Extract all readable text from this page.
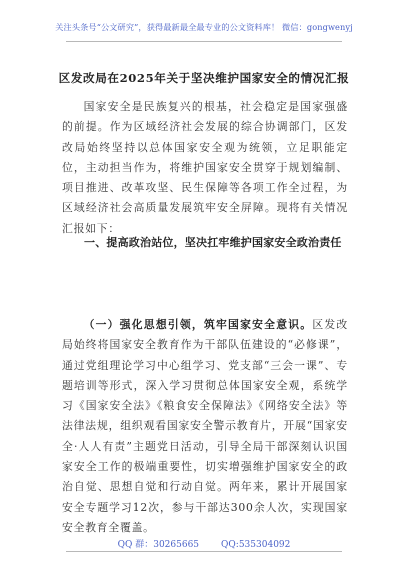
关注头条号“公文研究”，获得最新最全最专业的公文资料库！ 微信：gongwenyj
区发改局在2025年关于坚决维护国家安全的情况汇报

国家安全是民族复兴的根基，社会稳定是国家强盛的前提。作为区域经济社会发展的综合协调部门，区发改局始终坚持以总体国家安全观为统领，立足职能定位，主动担当作为，将维护国家安全贯穿于规划编制、项目推进、改革攻坚、民生保障等各项工作全过程，为区域经济社会高质量发展筑牢安全屏障。现将有关情况汇报如下：

一、提高政治站位，坚决扛牢维护国家安全政治责任

（一）强化思想引领，筑牢国家安全意识。区发改局始终将国家安全教育作为干部队伍建设的“必修课”，通过党组理论学习中心组学习、党支部“三会一课”、专题培训等形式，深入学习贯彻总体国家安全观，系统学习《国家安全法》《粮食安全保障法》《网络安全法》等法律法规，组织观看国家安全警示教育片，开展“国家安全·人人有责”主题党日活动，引导全局干部深刻认识国家安全工作的极端重要性，切实增强维护国家安全的政治自觉、思想自觉和行动自觉。两年来，累计开展国家安全专题学习12次，参与干部达300余人次，实现国家安全教育全覆盖。

QQ 群：30265665 QQ:535304092
